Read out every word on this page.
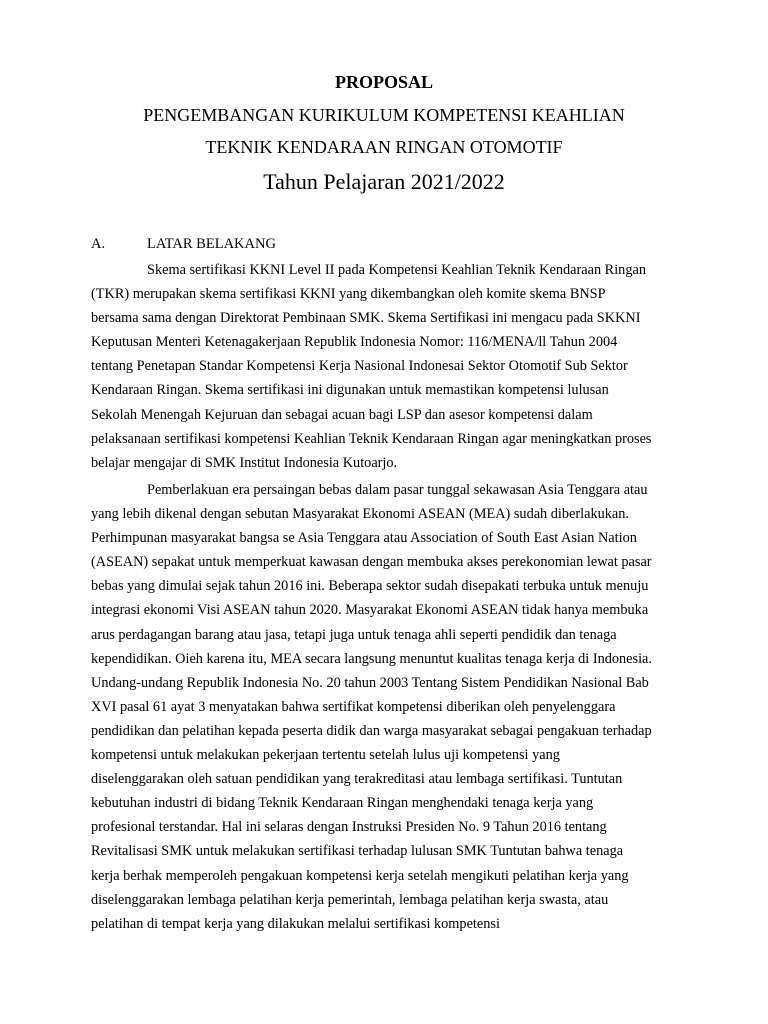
PROPOSAL

PENGEMBANGAN KURIKULUM KOMPETENSI KEAHLIAN

TEKNIK KENDARAAN RINGAN OTOMOTIF

Tahun Pelajaran 2021/2022

A.	LATAR BELAKANG
Skema sertifikasi KKNI Level II pada Kompetensi Keahlian Teknik Kendaraan Ringan
(TKR) merupakan skema sertifikasi KKNI yang dikembangkan oleh komite skema BNSP
bersama sama dengan Direktorat Pembinaan SMK. Skema Sertifikasi ini mengacu pada SKKNI
Keputusan Menteri Ketenagakerjaan Republik Indonesia Nomor: 116/MENA/ll Tahun 2004
tentang Penetapan Standar Kompetensi Kerja Nasional Indonesai Sektor Otomotif Sub Sektor
Kendaraan Ringan. Skema sertifikasi ini digunakan untuk memastikan kompetensi lulusan
Sekolah Menengah Kejuruan dan sebagai acuan bagi LSP dan asesor kompetensi dalam
pelaksanaan sertifikasi kompetensi Keahlian Teknik Kendaraan Ringan agar meningkatkan proses
belajar mengajar di SMK Institut Indonesia Kutoarjo.
Pemberlakuan era persaingan bebas dalam pasar tunggal sekawasan Asia Tenggara atau
yang lebih dikenal dengan sebutan Masyarakat Ekonomi ASEAN (MEA) sudah diberlakukan.
Perhimpunan masyarakat bangsa se Asia Tenggara atau Association of South East Asian Nation
(ASEAN) sepakat untuk memperkuat kawasan dengan membuka akses perekonomian lewat pasar
bebas yang dimulai sejak tahun 2016 ini. Beberapa sektor sudah disepakati terbuka untuk menuju
integrasi ekonomi Visi ASEAN tahun 2020. Masyarakat Ekonomi ASEAN tidak hanya membuka
arus perdagangan barang atau jasa, tetapi juga untuk tenaga ahli seperti pendidik dan tenaga
kependidikan. Oieh karena itu, MEA secara langsung menuntut kualitas tenaga kerja di Indonesia.
Undang-undang Republik Indonesia No. 20 tahun 2003 Tentang Sistem Pendidikan Nasional Bab
XVI pasal 61 ayat 3 menyatakan bahwa sertifikat kompetensi diberikan oleh penyelenggara
pendidikan dan pelatihan kepada peserta didik dan warga masyarakat sebagai pengakuan terhadap
kompetensi untuk melakukan pekerjaan tertentu setelah lulus uji kompetensi yang
diselenggarakan oleh satuan pendidikan yang terakreditasi atau lembaga sertifikasi. Tuntutan
kebutuhan industri di bidang Teknik Kendaraan Ringan menghendaki tenaga kerja yang
profesional terstandar. Hal ini selaras dengan Instruksi Presiden No. 9 Tahun 2016 tentang
Revitalisasi SMK untuk melakukan sertifikasi terhadap lulusan SMK Tuntutan bahwa tenaga
kerja berhak memperoleh pengakuan kompetensi kerja setelah mengikuti pelatihan kerja yang
diselenggarakan lembaga pelatihan kerja pemerintah, lembaga pelatihan kerja swasta, atau
pelatihan di tempat kerja yang dilakukan melalui sertifikasi kompetensi
